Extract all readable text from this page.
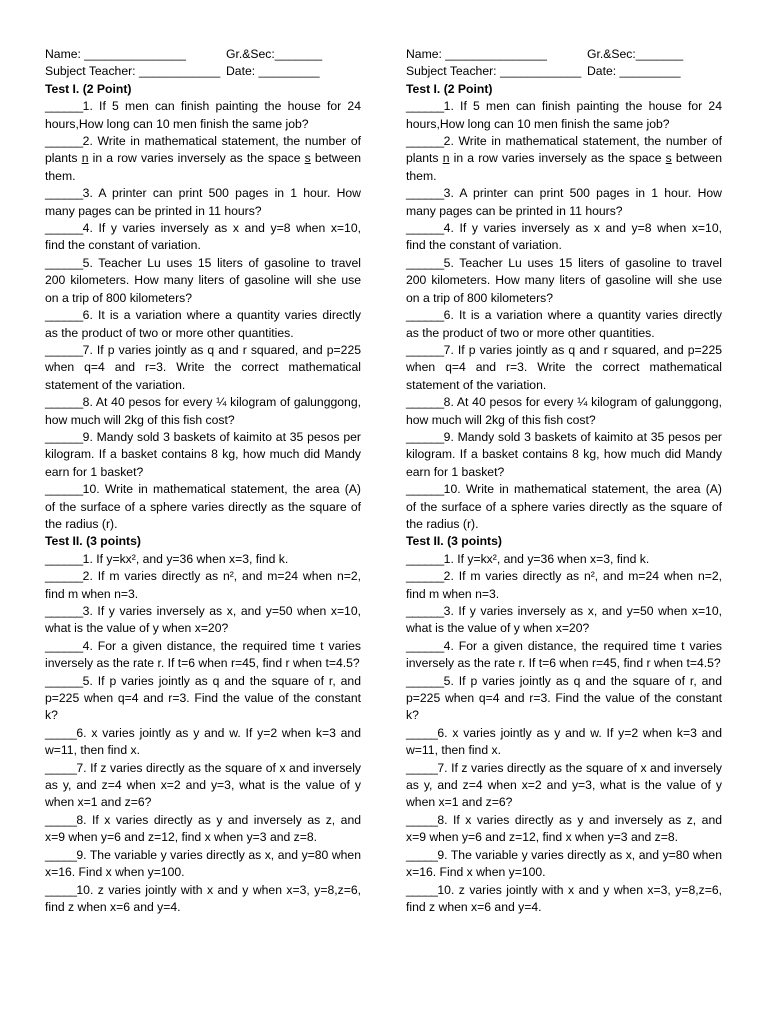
Name: _______________	Gr.&Sec:_______
Subject Teacher: ____________ Date: _________
Test I. (2 Point)
______1. If 5 men can finish painting the house for 24 hours,How long can 10 men finish the same job?
______2. Write in mathematical statement, the number of plants n in a row varies inversely as the space s between them.
______3. A printer can print 500 pages in 1 hour. How many pages can be printed in 11 hours?
______4. If y varies inversely as x and y=8 when x=10, find the constant of variation.
______5. Teacher Lu uses 15 liters of gasoline to travel 200 kilometers. How many liters of gasoline will she use on a trip of 800 kilometers?
______6. It is a variation where a quantity varies directly as the product of two or more other quantities.
______7. If p varies jointly as q and r squared, and p=225 when q=4 and r=3. Write the correct mathematical statement of the variation.
______8. At 40 pesos for every ¼ kilogram of galunggong, how much will 2kg of this fish cost?
______9. Mandy sold 3 baskets of kaimito at 35 pesos per kilogram. If a basket contains 8 kg, how much did Mandy earn for 1 basket?
______10. Write in mathematical statement, the area (A) of the surface of a sphere varies directly as the square of the radius (r).
Test II. (3 points)
______1. If y=kx², and y=36 when x=3, find k.
______2. If m varies directly as n², and m=24 when n=2, find m when n=3.
______3. If y varies inversely as x, and y=50 when x=10, what is the value of y when x=20?
______4. For a given distance, the required time t varies inversely as the rate r. If t=6 when r=45, find r when t=4.5?
______5. If p varies jointly as q and the square of r, and p=225 when q=4 and r=3. Find the value of the constant k?
_____6. x varies jointly as y and w. If y=2 when k=3 and w=11, then find x.
_____7. If z varies directly as the square of x and inversely as y, and z=4 when x=2 and y=3, what is the value of y when x=1 and z=6?
_____8. If x varies directly as y and inversely as z, and x=9 when y=6 and z=12, find x when y=3 and z=8.
_____9. The variable y varies directly as x, and y=80 when x=16. Find x when y=100.
_____10. z varies jointly with x and y when x=3, y=8,z=6, find z when x=6 and y=4.
Name: _______________	Gr.&Sec:_______
Subject Teacher: ____________ Date: _________
Test I. (2 Point)
______1. If 5 men can finish painting the house for 24 hours,How long can 10 men finish the same job?
______2. Write in mathematical statement, the number of plants n in a row varies inversely as the space s between them.
______3. A printer can print 500 pages in 1 hour. How many pages can be printed in 11 hours?
______4. If y varies inversely as x and y=8 when x=10, find the constant of variation.
______5. Teacher Lu uses 15 liters of gasoline to travel 200 kilometers. How many liters of gasoline will she use on a trip of 800 kilometers?
______6. It is a variation where a quantity varies directly as the product of two or more other quantities.
______7. If p varies jointly as q and r squared, and p=225 when q=4 and r=3. Write the correct mathematical statement of the variation.
______8. At 40 pesos for every ¼ kilogram of galunggong, how much will 2kg of this fish cost?
______9. Mandy sold 3 baskets of kaimito at 35 pesos per kilogram. If a basket contains 8 kg, how much did Mandy earn for 1 basket?
______10. Write in mathematical statement, the area (A) of the surface of a sphere varies directly as the square of the radius (r).
Test II. (3 points)
______1. If y=kx², and y=36 when x=3, find k.
______2. If m varies directly as n², and m=24 when n=2, find m when n=3.
______3. If y varies inversely as x, and y=50 when x=10, what is the value of y when x=20?
______4. For a given distance, the required time t varies inversely as the rate r. If t=6 when r=45, find r when t=4.5?
______5. If p varies jointly as q and the square of r, and p=225 when q=4 and r=3. Find the value of the constant k?
_____6. x varies jointly as y and w. If y=2 when k=3 and w=11, then find x.
_____7. If z varies directly as the square of x and inversely as y, and z=4 when x=2 and y=3, what is the value of y when x=1 and z=6?
_____8. If x varies directly as y and inversely as z, and x=9 when y=6 and z=12, find x when y=3 and z=8.
_____9. The variable y varies directly as x, and y=80 when x=16. Find x when y=100.
_____10. z varies jointly with x and y when x=3, y=8,z=6, find z when x=6 and y=4.
